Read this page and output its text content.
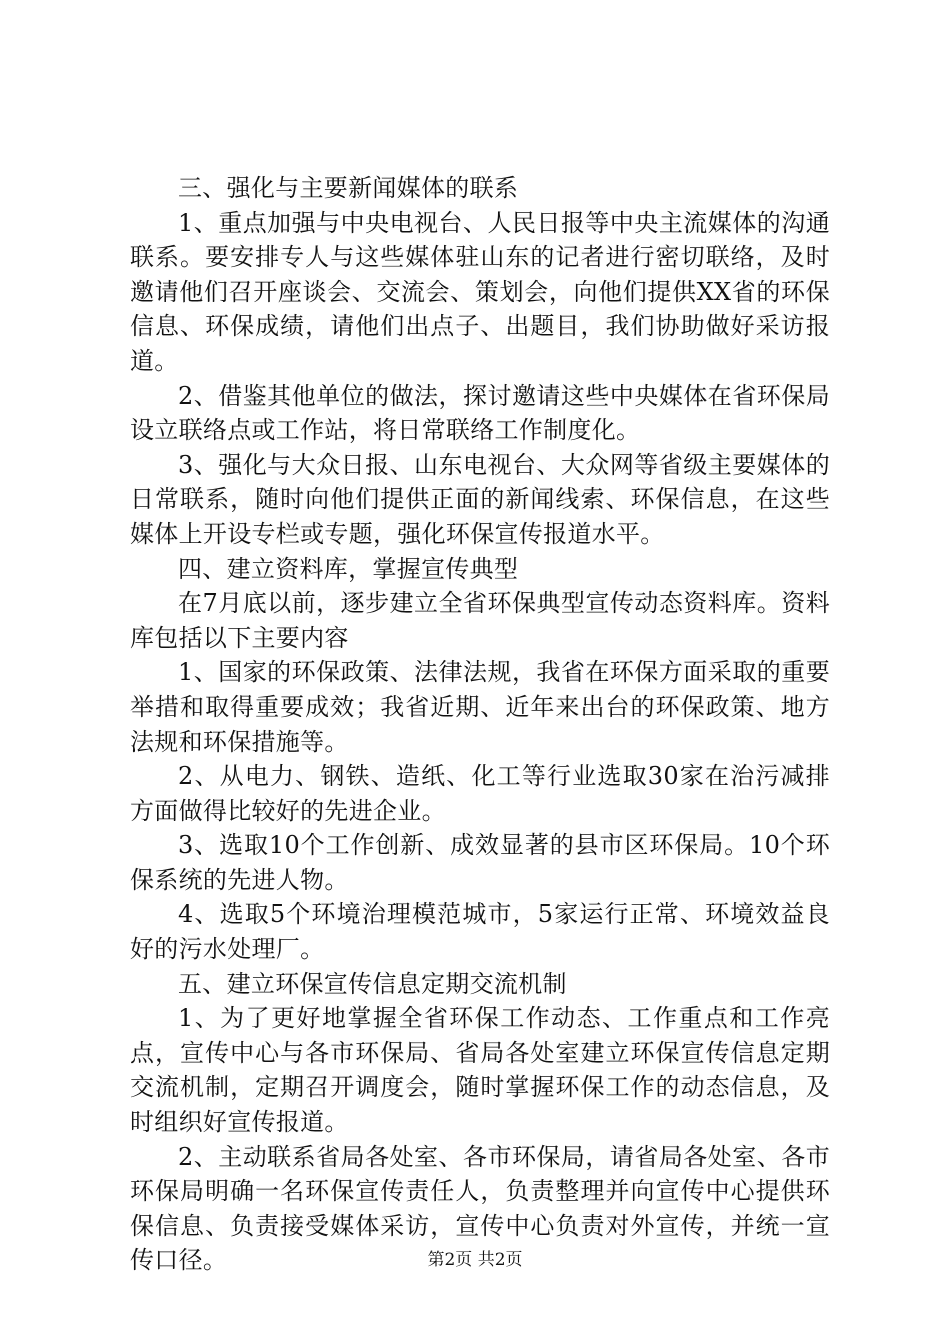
三、强化与主要新闻媒体的联系

1、重点加强与中央电视台、人民日报等中央主流媒体的沟通联系。要安排专人与这些媒体驻山东的记者进行密切联络，及时邀请他们召开座谈会、交流会、策划会，向他们提供XX省的环保信息、环保成绩，请他们出点子、出题目，我们协助做好采访报道。

2、借鉴其他单位的做法，探讨邀请这些中央媒体在省环保局设立联络点或工作站，将日常联络工作制度化。

3、强化与大众日报、山东电视台、大众网等省级主要媒体的日常联系，随时向他们提供正面的新闻线索、环保信息，在这些媒体上开设专栏或专题，强化环保宣传报道水平。

四、建立资料库，掌握宣传典型

在7月底以前，逐步建立全省环保典型宣传动态资料库。资料库包括以下主要内容

1、国家的环保政策、法律法规，我省在环保方面采取的重要举措和取得重要成效；我省近期、近年来出台的环保政策、地方法规和环保措施等。

2、从电力、钢铁、造纸、化工等行业选取30家在治污减排方面做得比较好的先进企业。

3、选取10个工作创新、成效显著的县市区环保局。10个环保系统的先进人物。

4、选取5个环境治理模范城市，5家运行正常、环境效益良好的污水处理厂。

五、建立环保宣传信息定期交流机制

1、为了更好地掌握全省环保工作动态、工作重点和工作亮点，宣传中心与各市环保局、省局各处室建立环保宣传信息定期交流机制，定期召开调度会，随时掌握环保工作的动态信息，及时组织好宣传报道。

2、主动联系省局各处室、各市环保局，请省局各处室、各市环保局明确一名环保宣传责任人，负责整理并向宣传中心提供环保信息、负责接受媒体采访，宣传中心负责对外宣传，并统一宣传口径。	第2页 共2页
